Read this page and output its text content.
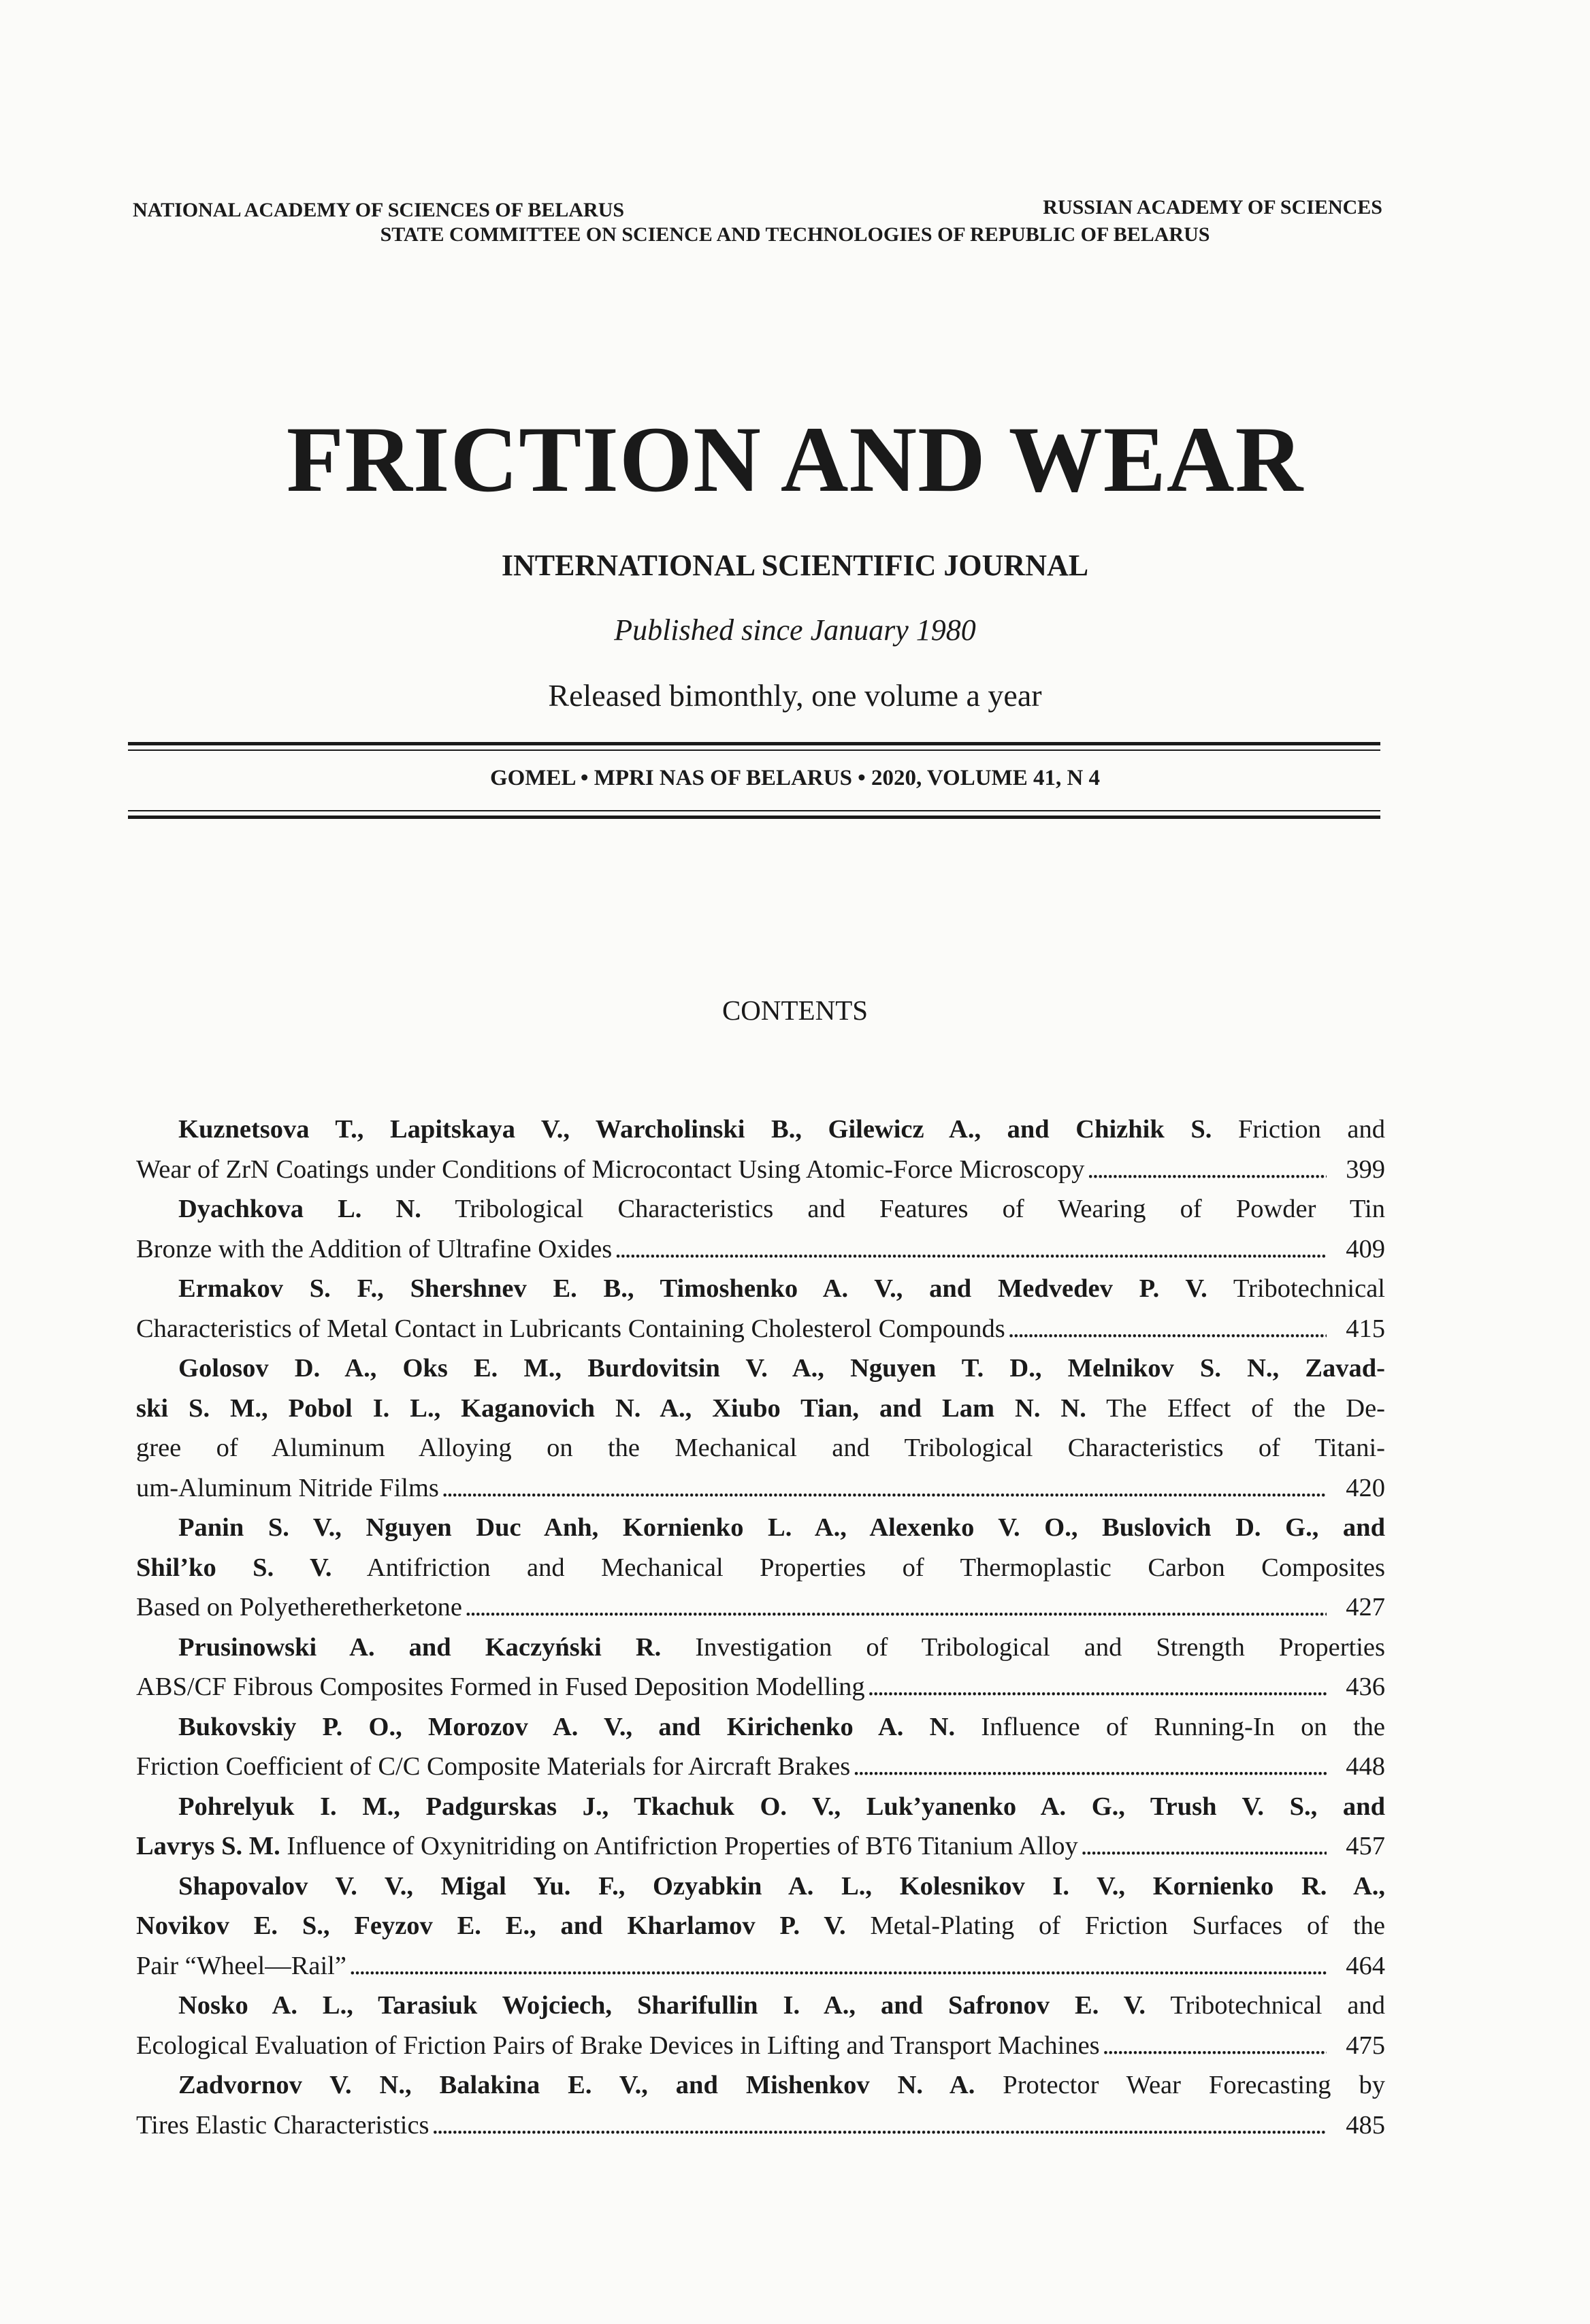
NATIONAL ACADEMY OF SCIENCES OF BELARUS	RUSSIAN ACADEMY OF SCIENCES
STATE COMMITTEE ON SCIENCE AND TECHNOLOGIES OF REPUBLIC OF BELARUS
FRICTION AND WEAR
INTERNATIONAL SCIENTIFIC JOURNAL
Published since January 1980
Released bimonthly, one volume a year
GOMEL • MPRI NAS OF BELARUS • 2020, VOLUME 41, N 4
CONTENTS
Kuznetsova T., Lapitskaya V., Warcholinski B., Gilewicz A., and Chizhik S. Friction and
Wear of ZrN Coatings under Conditions of Microcontact Using Atomic-Force Microscopy . . .	399
Dyachkova L. N. Tribological Characteristics and Features of Wearing of Powder Tin
Bronze with the Addition of Ultrafine Oxides . . .	409
Ermakov S. F., Shershnev E. B., Timoshenko A. V., and Medvedev P. V. Tribotechnical
Characteristics of Metal Contact in Lubricants Containing Cholesterol Compounds . . .	415
Golosov D. A., Oks E. M., Burdovitsin V. A., Nguyen T. D., Melnikov S. N., Zavad-
ski S. M., Pobol I. L., Kaganovich N. A., Xiubo Tian, and Lam N. N. The Effect of the De-
gree of Aluminum Alloying on the Mechanical and Tribological Characteristics of Titani-
um-Aluminum Nitride Films . . .	420
Panin S. V., Nguyen Duc Anh, Kornienko L. A., Alexenko V. O., Buslovich D. G., and
Shil’ko S. V. Antifriction and Mechanical Properties of Thermoplastic Carbon Composites
Based on Polyetheretherketone . . .	427
Prusinowski A. and Kaczyński R. Investigation of Tribological and Strength Properties
ABS/CF Fibrous Composites Formed in Fused Deposition Modelling . . .	436
Bukovskiy P. O., Morozov A. V., and Kirichenko A. N. Influence of Running-In on the
Friction Coefficient of C/C Composite Materials for Aircraft Brakes . . .	448
Pohrelyuk I. M., Padgurskas J., Tkachuk O. V., Luk’yanenko A. G., Trush V. S., and
Lavrys S. M. Influence of Oxynitriding on Antifriction Properties of BT6 Titanium Alloy . . .	457
Shapovalov V. V., Migal Yu. F., Ozyabkin A. L., Kolesnikov I. V., Kornienko R. A.,
Novikov E. S., Feyzov E. E., and Kharlamov P. V. Metal-Plating of Friction Surfaces of the
Pair “Wheel—Rail” . . .	464
Nosko A. L., Tarasiuk Wojciech, Sharifullin I. A., and Safronov E. V. Tribotechnical and
Ecological Evaluation of Friction Pairs of Brake Devices in Lifting and Transport Machines . . .	475
Zadvornov V. N., Balakina E. V., and Mishenkov N. A. Protector Wear Forecasting by
Tires Elastic Characteristics . . .	485
